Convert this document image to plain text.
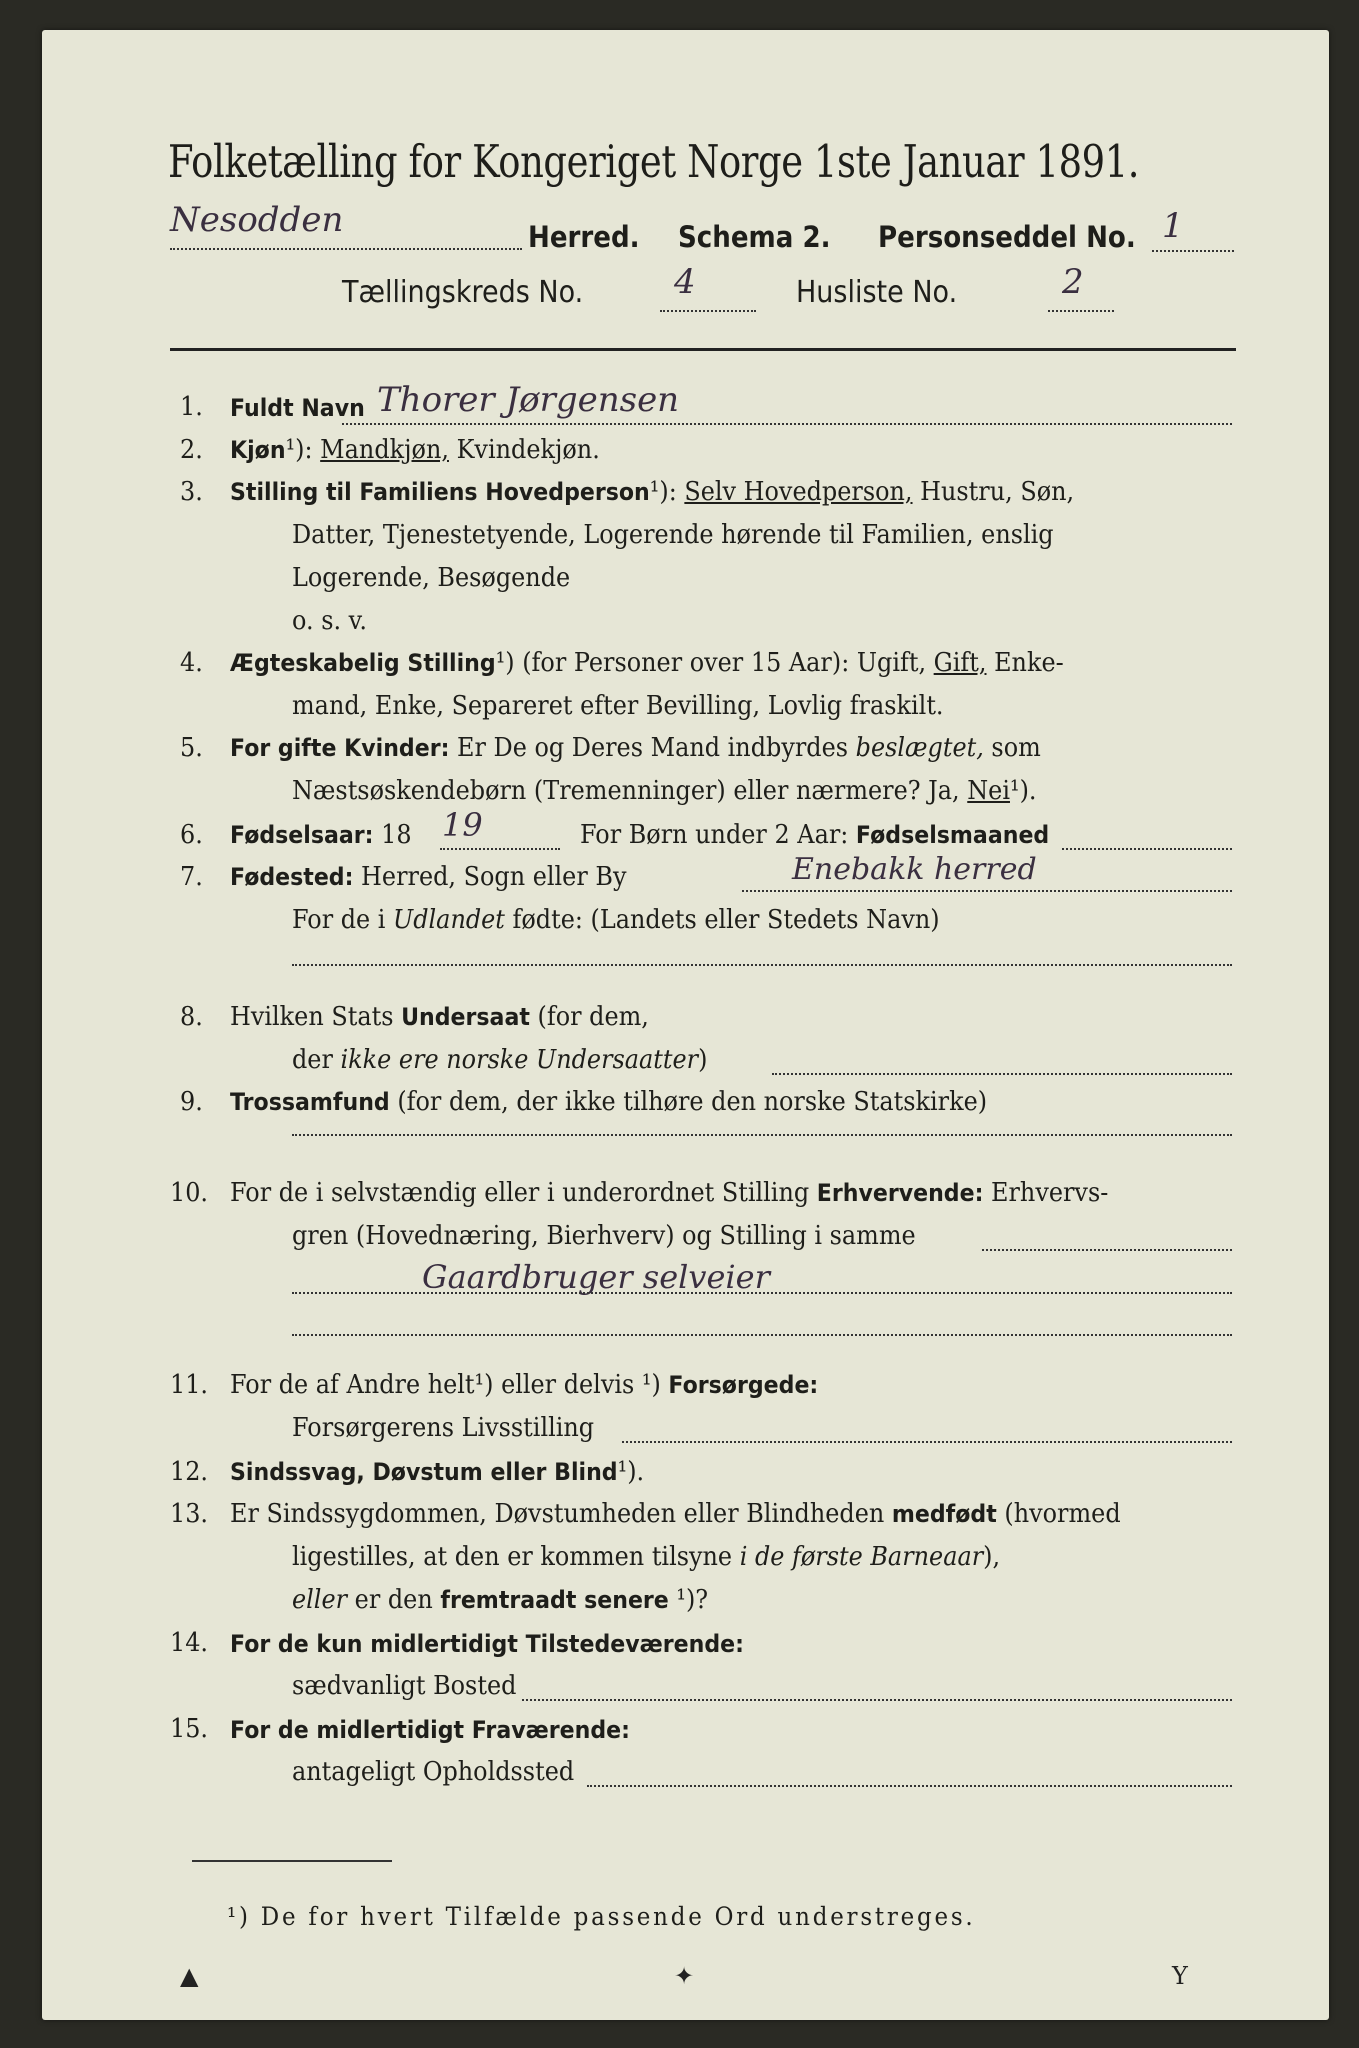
Folketælling for Kongeriget Norge 1ste Januar 1891.
Nesodden	Herred. Schema 2. Personseddel No. 1
Tællingskreds No.	4	Husliste No.	2
1. Fuldt Navn Thorer Jørgensen
2. Kjøn¹): Mandkjøn, Kvindekjøn.
3. Stilling til Familiens Hovedperson¹): Selv Hovedperson, Hustru, Søn,
Datter, Tjenestetyende, Logerende hørende til Familien, enslig
Logerende, Besøgende
o. s. v.
4. Ægteskabelig Stilling¹) (for Personer over 15 Aar): Ugift, Gift, Enke-
mand, Enke, Separeret efter Bevilling, Lovlig fraskilt.
5. For gifte Kvinder: Er De og Deres Mand indbyrdes beslægtet, som
Næstsøskendebørn (Tremenninger) eller nærmere? Ja, Nei¹).
6. Fødselsaar: 18 19	For Børn under 2 Aar: Fødselsmaaned
7. Fødested: Herred, Sogn eller By	Enebakk herred
For de i Udlandet fødte: (Landets eller Stedets Navn)
8. Hvilken Stats Undersaat (for dem,
der ikke ere norske Undersaatter)
9. Trossamfund (for dem, der ikke tilhøre den norske Statskirke)
10. For de i selvstændig eller i underordnet Stilling Erhvervende: Erhvervs-
gren (Hovednæring, Bierhverv) og Stilling i samme
Gaardbruger selveier
11. For de af Andre helt¹) eller delvis ¹) Forsørgede:
Forsørgerens Livsstilling
12. Sindssvag, Døvstum eller Blind¹).
13. Er Sindssygdommen, Døvstumheden eller Blindheden medfødt (hvormed
ligestilles, at den er kommen tilsyne i de første Barneaar),
eller er den fremtraadt senere ¹)?
14. For de kun midlertidigt Tilstedeværende:
sædvanligt Bosted
15. For de midlertidigt Fraværende:
antageligt Opholdssted
¹) De for hvert Tilfælde passende Ord understreges.
▲	✦	Y
